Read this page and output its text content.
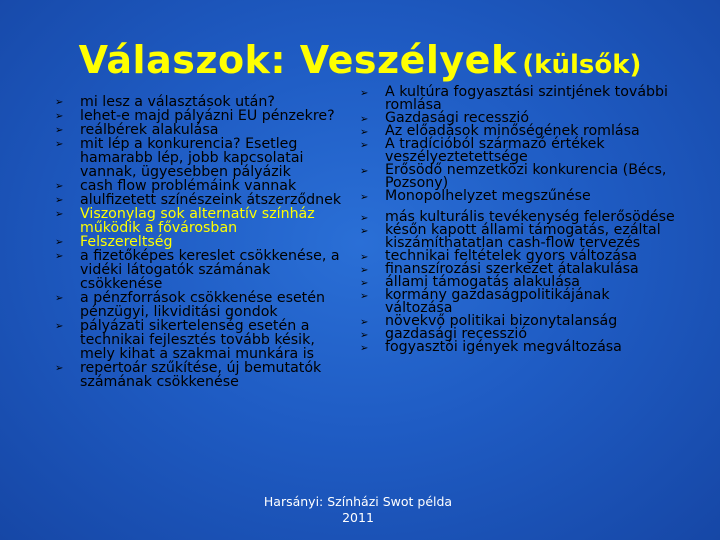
Válaszok: Veszélyek (külsők)
➢ mi lesz a választások után?
➢ lehet-e majd pályázni EU pénzekre?
➢ reálbérek alakulása
➢ mit lép a konkurencia? Esetleg hamarabb lép, jobb kapcsolatai vannak, ügyesebben pályázik
➢ cash flow problémáink vannak
➢ alulfizetett színészeink átszerződnek
➢ Viszonylag sok alternatív színház működik a fővárosban
➢ Felszereltség
➢ a fizetőképes kereslet csökkenése, a vidéki látogatók számának csökkenése
➢ a pénzforrások csökkenése esetén pénzügyi, likviditási gondok
➢ pályázati sikertelenség esetén a technikai fejlesztés tovább késik, mely kihat a szakmai munkára is
➢ repertoár szűkítése, új bemutatók számának csökkenése
➢ A kultúra fogyasztási szintjének további romlása
➢ Gazdasági recesszió
➢ Az előadások minőségének romlása
➢ A tradícióból származó értékek veszélyeztetettsége
➢ Erősödő nemzetközi konkurencia (Bécs, Pozsony)
➢ Monopolhelyzet megszűnése
➢ más kulturális tevékenység felerősödése
➢ későn kapott állami támogatás, ezáltal kiszámíthatatlan cash-flow tervezés
➢ technikai feltételek gyors változása
➢ finanszírozási szerkezet átalakulása
➢ állami támogatás alakulása
➢ kormány gazdaságpolitikájának változása
➢ növekvő politikai bizonytalanság
➢ gazdasági recesszió
➢ fogyasztói igények megváltozása
Harsányi: Színházi Swot példa
2011
